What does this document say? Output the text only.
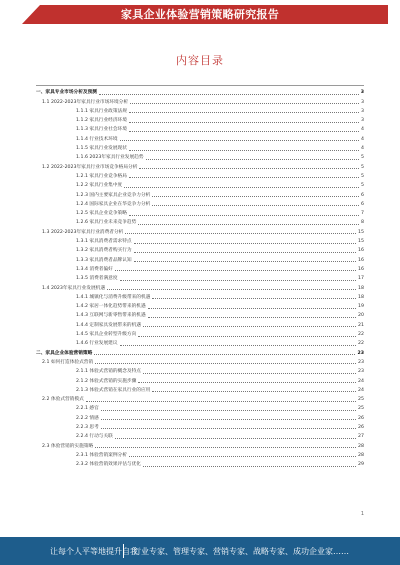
家具企业体验营销策略研究报告
内容目录
一、家具专业市场分析及预测	3
1.1 2022-2023年家具行业市场环境分析	3
1.1.1 家具行业政策法规	3
1.1.2 家具行业经济环境	3
1.1.3 家具行业社会环境	4
1.1.4 行业技术环境	4
1.1.5 家具行业发展现状	4
1.1.6 2023年家具行业发展趋势	5
1.2 2022-2023年家具行业市场竞争格局分析	5
1.2.1 家具行业竞争格局	5
1.2.2 家具行业集中度	5
1.2.3 国内主要家具企业竞争力分析	6
1.2.4 国际家具企业在华竞争力分析	6
1.2.5 家具企业竞争策略	7
1.2.6 家具行业未来竞争趋势	8
1.3 2022-2023年家具行业消费者分析	15
1.3.1 家具消费者需求特点	15
1.3.2 家具消费者购买行为	16
1.3.3 家具消费者品牌认知	16
1.3.4 消费者偏好	16
1.3.5 消费者满意度	17
1.4 2023年家具行业发展机遇	18
1.4.1 城镇化与消费升级带来的机遇	18
1.4.2 家居一体化趋势带来的机遇	19
1.4.3 互联网与新零售带来的机遇	20
1.4.4 定制家具发展带来的机遇	21
1.4.5 家具企业转型升级方向	22
1.4.6 行业发展建议	22
二、家具企业体验营销策略	23
2.1 如何打造体验式营销	23
2.1.1 体验式营销的概念及特点	23
2.1.2 体验式营销的实施步骤	24
2.1.3 体验式营销在家具行业的应用	24
2.2 体验式营销模式	25
2.2.1 感官	25
2.2.2 情感	26
2.2.3 思考	26
2.2.4 行动与关联	27
2.3 体验营销的实施策略	28
2.3.1 体验营销案例分析	28
2.3.2 体验营销效果评估与优化	29
1
让每个人平等地提升自我
行业专家、管理专家、营销专家、战略专家、成功企业家……
